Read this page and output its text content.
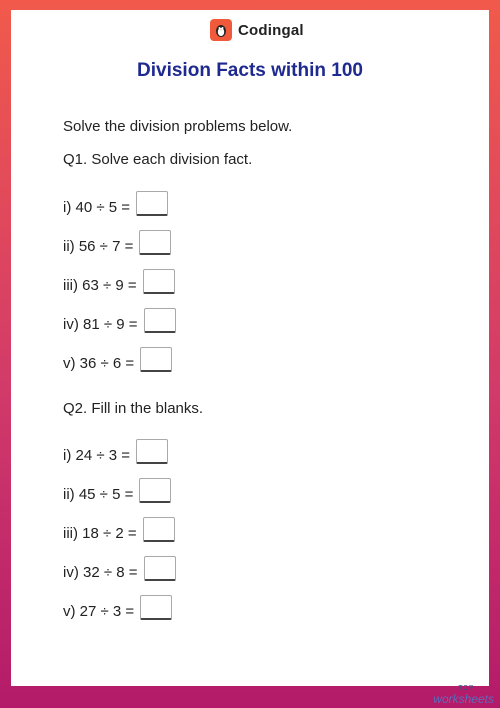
Codingal
Division Facts within 100
Solve the division problems below.
Q1. Solve each division fact.
i) 40 ÷ 5 =
ii) 56 ÷ 7 =
iii) 63 ÷ 9 =
iv) 81 ÷ 9 =
v) 36 ÷ 6 =
Q2. Fill in the blanks.
i) 24 ÷ 3 =
ii) 45 ÷ 5 =
iii) 18 ÷ 2 =
iv) 32 ÷ 8 =
v) 27 ÷ 3 =
TOP
worksheets
